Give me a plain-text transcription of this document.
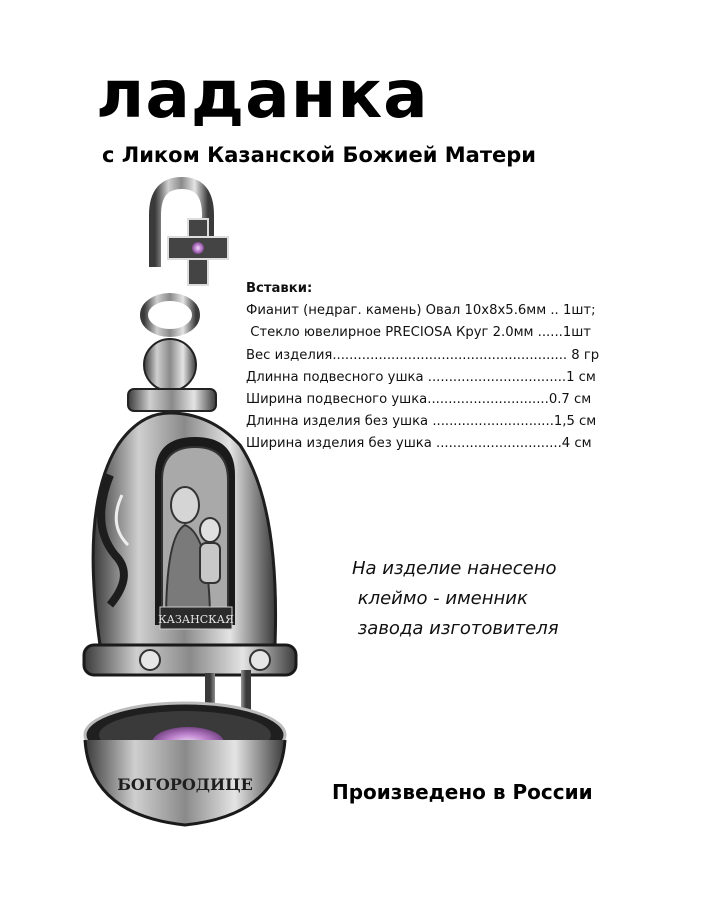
ладанка
с Ликом Казанской Божией Матери
Вставки:
Фианит (недраг. камень) Овал 10х8х5.6мм .. 1шт;
Стекло ювелирное PRECIOSA Круг 2.0мм ......1шт
Вес изделия........................................................ 8 гр
Длинна подвесного ушка .................................1 см
Ширина подвесного ушка.............................0.7 см
Длинна изделия без ушка .............................1,5 см
Ширина изделия без ушка ..............................4 см
На изделие нанесено
клеймо - именник
завода изготовителя
Произведено в России
КАЗАНСКАЯ
БОГОРОДИЦЕ
